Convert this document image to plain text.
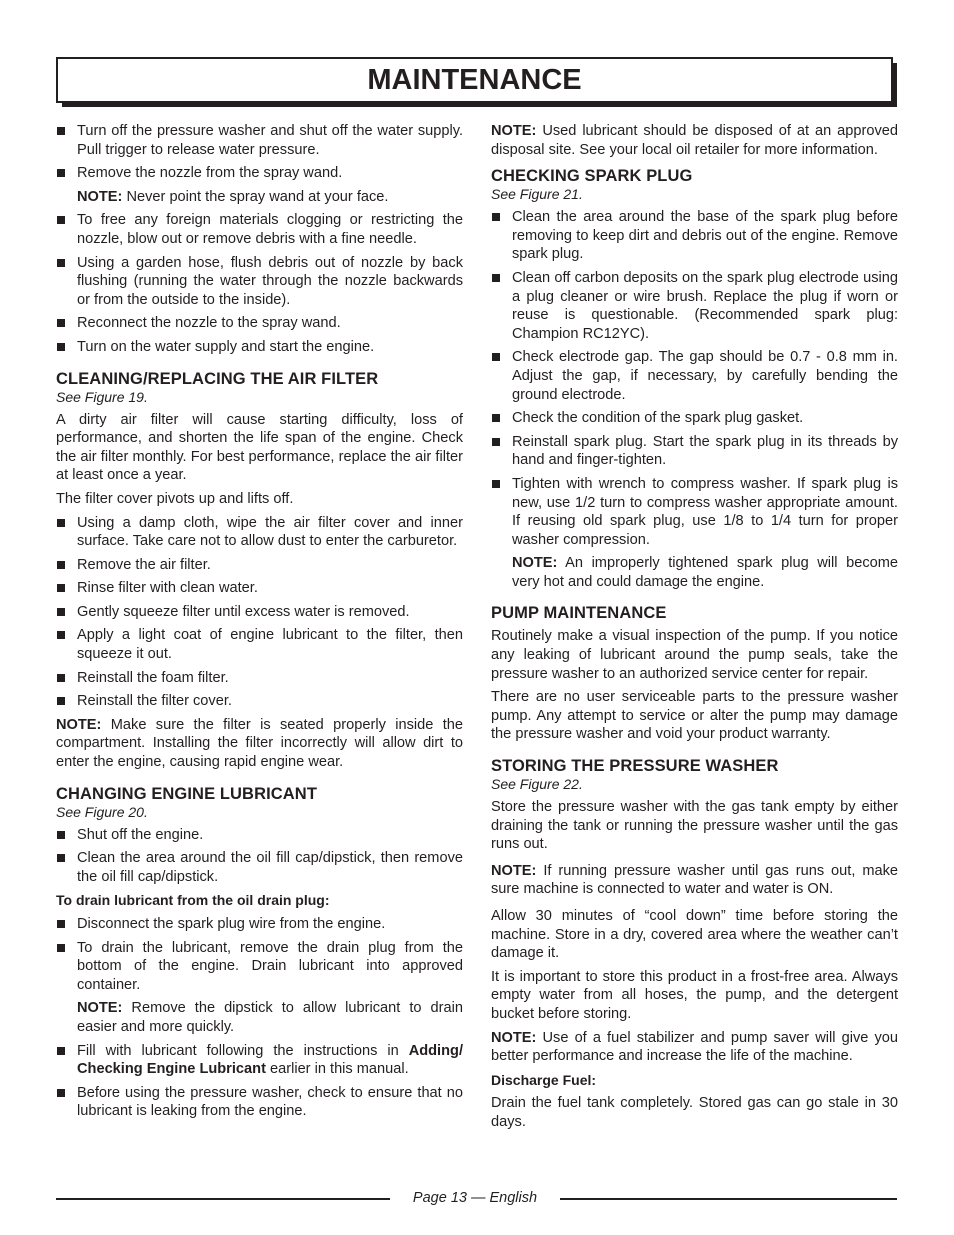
MAINTENANCE
Turn off the pressure washer and shut off the water supply. Pull trigger to release water pressure.
Remove the nozzle from the spray wand.

NOTE: Never point the spray wand at your face.

To free any foreign materials clogging or restricting the nozzle, blow out or remove debris with a fine needle.
Using a garden hose, flush debris out of nozzle by back flushing (running the water through the nozzle backwards or from the outside to the inside).
Reconnect the nozzle to the spray wand.
Turn on the water supply and start the engine.
CLEANING/REPLACING THE AIR FILTER
See Figure 19.

A dirty air filter will cause starting difficulty, loss of performance, and shorten the life span of the engine. Check the air filter monthly. For best performance, replace the air filter at least once a year.

The filter cover pivots up and lifts off.

Using a damp cloth, wipe the air filter cover and inner surface. Take care not to allow dust to enter the carburetor.
Remove the air filter.
Rinse filter with clean water.
Gently squeeze filter until excess water is removed.
Apply a light coat of engine lubricant to the filter, then squeeze it out.
Reinstall the foam filter.
Reinstall the filter cover.

NOTE: Make sure the filter is seated properly inside the compartment. Installing the filter incorrectly will allow dirt to enter the engine, causing rapid engine wear.

CHANGING ENGINE LUBRICANT
See Figure 20.
Shut off the engine.
Clean the area around the oil fill cap/dipstick, then remove the oil fill cap/dipstick.
To drain lubricant from the oil drain plug:
Disconnect the spark plug wire from the engine.
To drain the lubricant, remove the drain plug from the bottom of the engine. Drain lubricant into approved container.

NOTE: Remove the dipstick to allow lubricant to drain easier and more quickly.

Fill with lubricant following the instructions in Adding/ Checking Engine Lubricant earlier in this manual.
Before using the pressure washer, check to ensure that no lubricant is leaking from the engine.

NOTE: Used lubricant should be disposed of at an approved disposal site. See your local oil retailer for more information.

CHECKING SPARK PLUG
See Figure 21.
Clean the area around the base of the spark plug before removing to keep dirt and debris out of the engine. Remove spark plug.
Clean off carbon deposits on the spark plug electrode using a plug cleaner or wire brush. Replace the plug if worn or reuse is questionable. (Recommended spark plug: Champion RC12YC).
Check electrode gap. The gap should be 0.7 - 0.8 mm in. Adjust the gap, if necessary, by carefully bending the ground electrode.
Check the condition of the spark plug gasket.
Reinstall spark plug. Start the spark plug in its threads by hand and finger-tighten.
Tighten with wrench to compress washer. If spark plug is new, use 1/2 turn to compress washer appropriate amount. If reusing old spark plug, use 1/8 to 1/4 turn for proper washer compression.

NOTE: An improperly tightened spark plug will become very hot and could damage the engine.

PUMP MAINTENANCE

Routinely make a visual inspection of the pump. If you notice any leaking of lubricant around the pump seals, take the pressure washer to an authorized service center for repair.

There are no user serviceable parts to the pressure washer pump. Any attempt to service or alter the pump may damage the pressure washer and void your product warranty.

STORING THE PRESSURE WASHER
See Figure 22.

Store the pressure washer with the gas tank empty by either draining the tank or running the pressure washer until the gas runs out.

NOTE: If running pressure washer until gas runs out, make sure machine is connected to water and water is ON.

Allow 30 minutes of “cool down” time before storing the machine. Store in a dry, covered area where the weather can’t damage it.

It is important to store this product in a frost-free area. Always empty water from all hoses, the pump, and the detergent bucket before storing.

NOTE: Use of a fuel stabilizer and pump saver will give you better performance and increase the life of the machine.

Discharge Fuel:

Drain the fuel tank completely. Stored gas can go stale in 30 days.

Page 13 — English
